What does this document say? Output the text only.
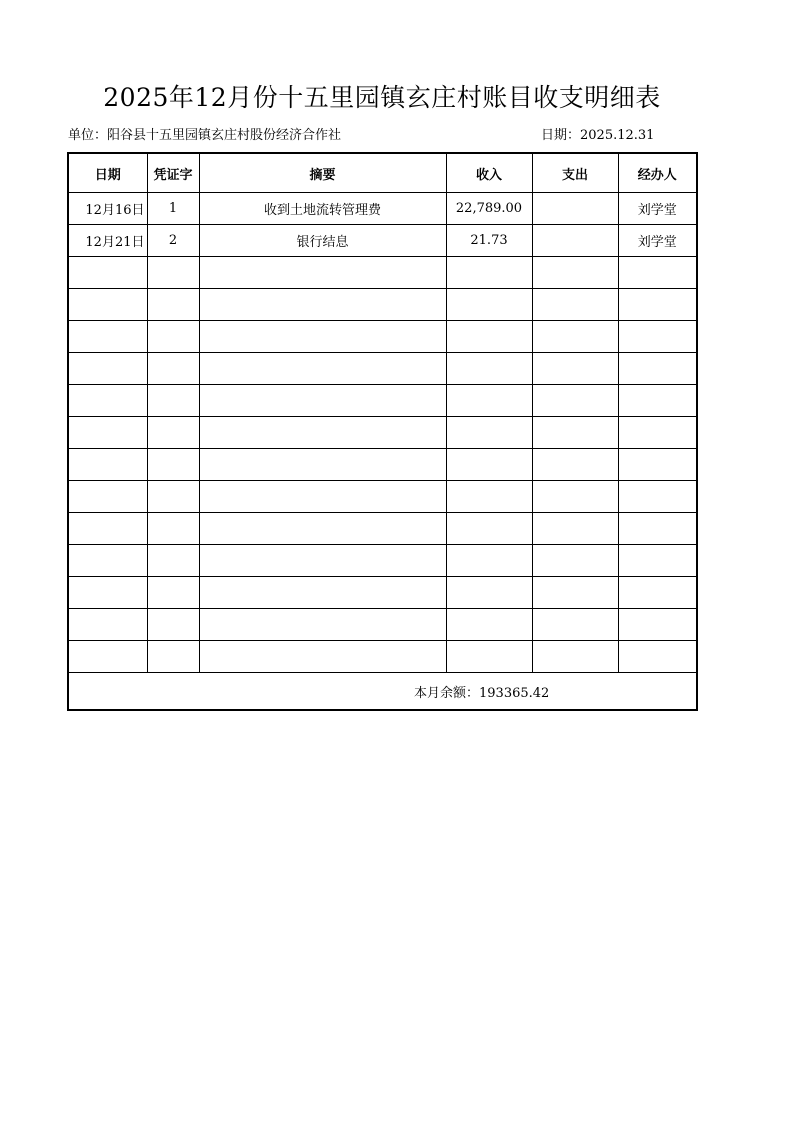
2025年12月份十五里园镇玄庄村账目收支明细表
单位：阳谷县十五里园镇玄庄村股份经济合作社	日期：2025.12.31
日期	凭证字	摘要	收入	支出	经办人
12月16日	1	收到土地流转管理费	22,789.00		刘学堂
12月21日	2	银行结息	21.73		刘学堂

本月余额：193365.42					
